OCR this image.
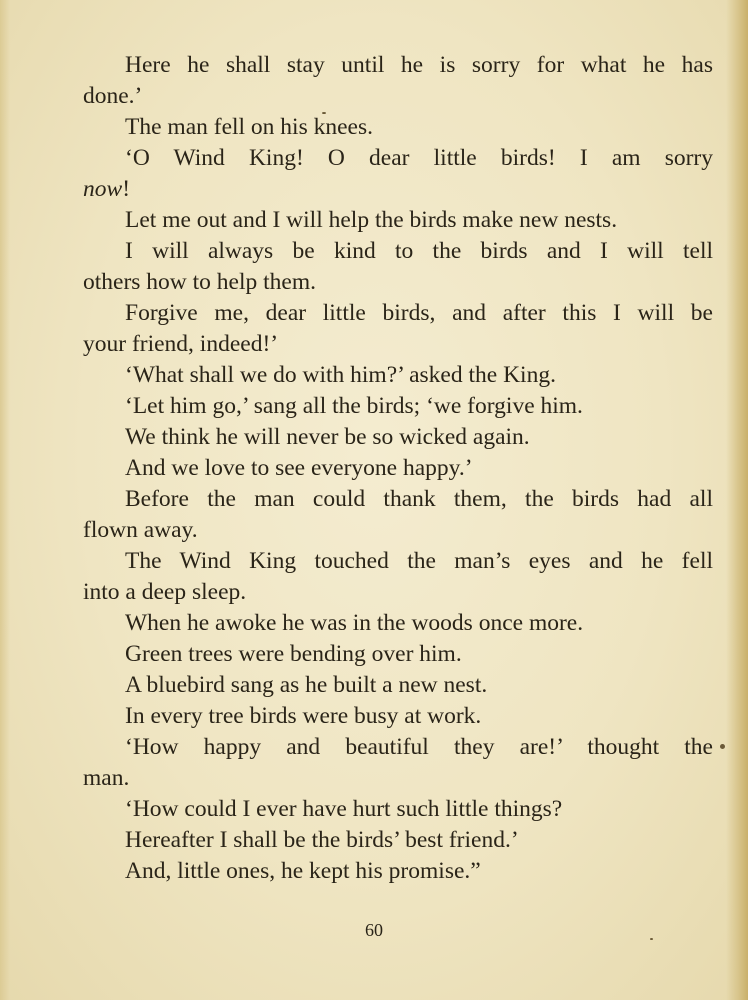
Here he shall stay until he is sorry for what he has
done.’
The man fell on his knees.
‘O Wind King! O dear little birds! I am sorry
now!
Let me out and I will help the birds make new nests.
I will always be kind to the birds and I will tell
others how to help them.
Forgive me, dear little birds, and after this I will be
your friend, indeed!’
‘What shall we do with him?’ asked the King.
‘Let him go,’ sang all the birds; ‘we forgive him.
We think he will never be so wicked again.
And we love to see everyone happy.’
Before the man could thank them, the birds had all
flown away.
The Wind King touched the man’s eyes and he fell
into a deep sleep.
When he awoke he was in the woods once more.
Green trees were bending over him.
A bluebird sang as he built a new nest.
In every tree birds were busy at work.
‘How happy and beautiful they are!’ thought the
man.
‘How could I ever have hurt such little things?
Hereafter I shall be the birds’ best friend.’
And, little ones, he kept his promise.”
60
